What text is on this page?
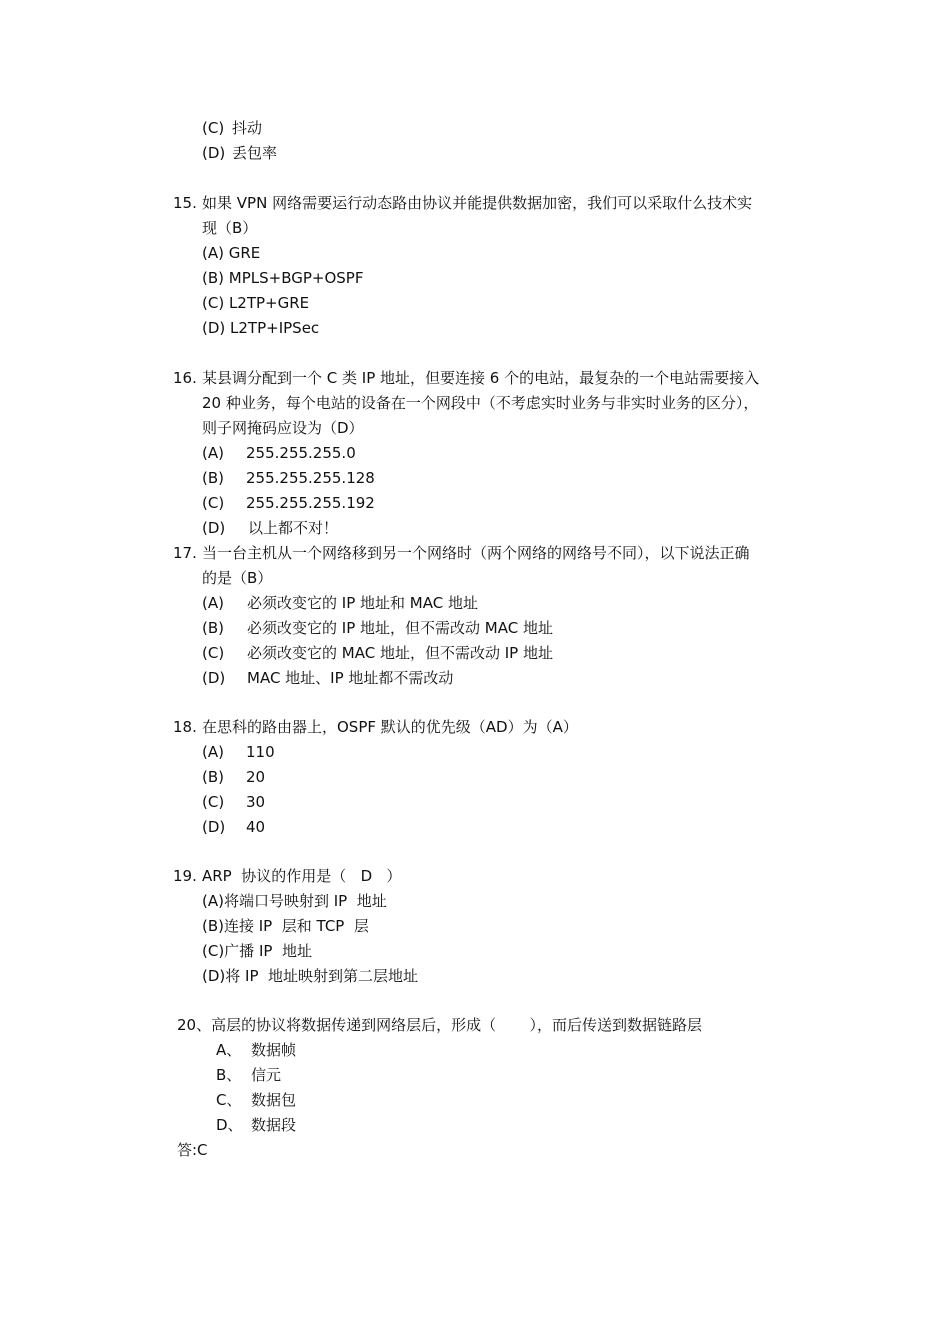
(C) 抖动
(D) 丢包率
15. 如果 VPN 网络需要运行动态路由协议并能提供数据加密，我们可以采取什么技术实
现（B）
(A) GRE
(B) MPLS+BGP+OSPF
(C) L2TP+GRE
(D) L2TP+IPSec
16. 某县调分配到一个 C 类 IP 地址，但要连接 6 个的电站，最复杂的一个电站需要接入
20 种业务，每个电站的设备在一个网段中（不考虑实时业务与非实时业务的区分），
则子网掩码应设为（D）
(A) 255.255.255.0
(B) 255.255.255.128
(C) 255.255.255.192
(D) 以上都不对！
17. 当一台主机从一个网络移到另一个网络时（两个网络的网络号不同），以下说法正确
的是（B）
(A) 必须改变它的 IP 地址和 MAC 地址
(B) 必须改变它的 IP 地址，但不需改动 MAC 地址
(C) 必须改变它的 MAC 地址，但不需改动 IP 地址
(D) MAC 地址、IP 地址都不需改动
18. 在思科的路由器上，OSPF 默认的优先级（AD）为（A）
(A) 110
(B) 20
(C) 30
(D) 40
19. ARP  协议的作用是（   D   ）
(A)将端口号映射到 IP  地址
(B)连接 IP  层和 TCP  层
(C)广播 IP  地址
(D)将 IP  地址映射到第二层地址
20、高层的协议将数据传递到网络层后，形成（       ），而后传送到数据链路层
A、 数据帧
B、 信元
C、 数据包
D、 数据段
答:C
